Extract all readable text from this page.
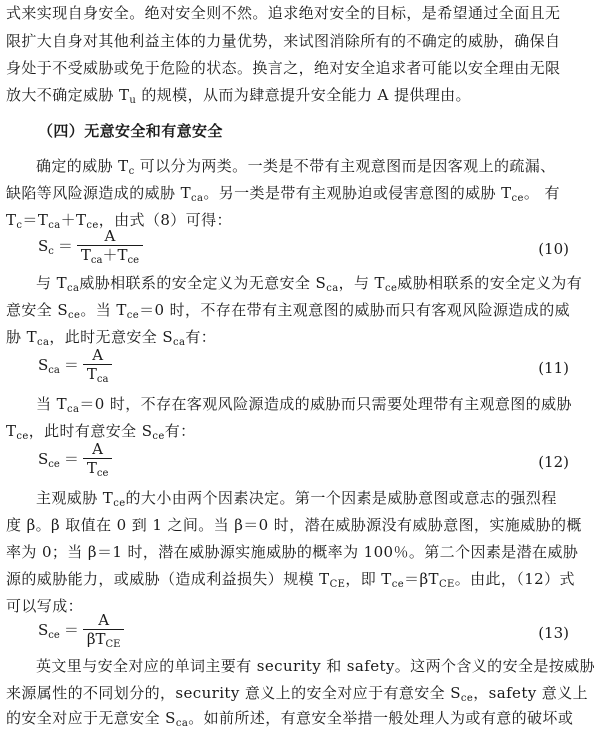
式来实现自身安全。绝对安全则不然。追求绝对安全的目标，是希望通过全面且无
限扩大自身对其他利益主体的力量优势，来试图消除所有的不确定的威胁，确保自
身处于不受威胁或免于危险的状态。换言之，绝对安全追求者可能以安全理由无限
放大不确定威胁 $T_u$ 的规模，从而为肆意提升安全能力 A 提供理由。
（四）无意安全和有意安全
确定的威胁 $T_c$ 可以分为两类。一类是不带有主观意图而是因客观上的疏漏、
缺陷等风险源造成的威胁 $T_{ca}$。另一类是带有主观胁迫或侵害意图的威胁 $T_{ce}$。 有
$T_c=T_{ca}+T_{ce}$，由式（8）可得：
$S_c = \frac{A}{T_{ca}+T_{ce}}$	(10)
与 $T_{ca}$威胁相联系的安全定义为无意安全 $S_{ca}$，与 $T_{ce}$威胁相联系的安全定义为有
意安全 $S_{ce}$。当 $T_{ce}=0$ 时，不存在带有主观意图的威胁而只有客观风险源造成的威
胁 $T_{ca}$，此时无意安全 $S_{ca}$有：
$S_{ca} = \frac{A}{T_{ca}}$	(11)
当 $T_{ca}=0$ 时，不存在客观风险源造成的威胁而只需要处理带有主观意图的威胁
$T_{ce}$，此时有意安全 $S_{ce}$有：
$S_{ce} = \frac{A}{T_{ce}}$	(12)
主观威胁 $T_{ce}$的大小由两个因素决定。第一个因素是威胁意图或意志的强烈程
度 β。β 取值在 0 到 1 之间。当 β＝0 时，潜在威胁源没有威胁意图，实施威胁的概
率为 0；当 β＝1 时，潜在威胁源实施威胁的概率为 100％。第二个因素是潜在威胁
源的威胁能力，或威胁（造成利益损失）规模 $T_{CE}$，即 $T_{ce}=\beta T_{CE}$。由此，（12）式
可以写成：
$S_{ce} = \frac{A}{\beta T_{CE}}$	(13)
英文里与安全对应的单词主要有 security 和 safety。这两个含义的安全是按威胁
来源属性的不同划分的，security 意义上的安全对应于有意安全 $S_{ce}$，safety 意义上
的安全对应于无意安全 $S_{ca}$。如前所述，有意安全举措一般处理人为或有意的破坏或
